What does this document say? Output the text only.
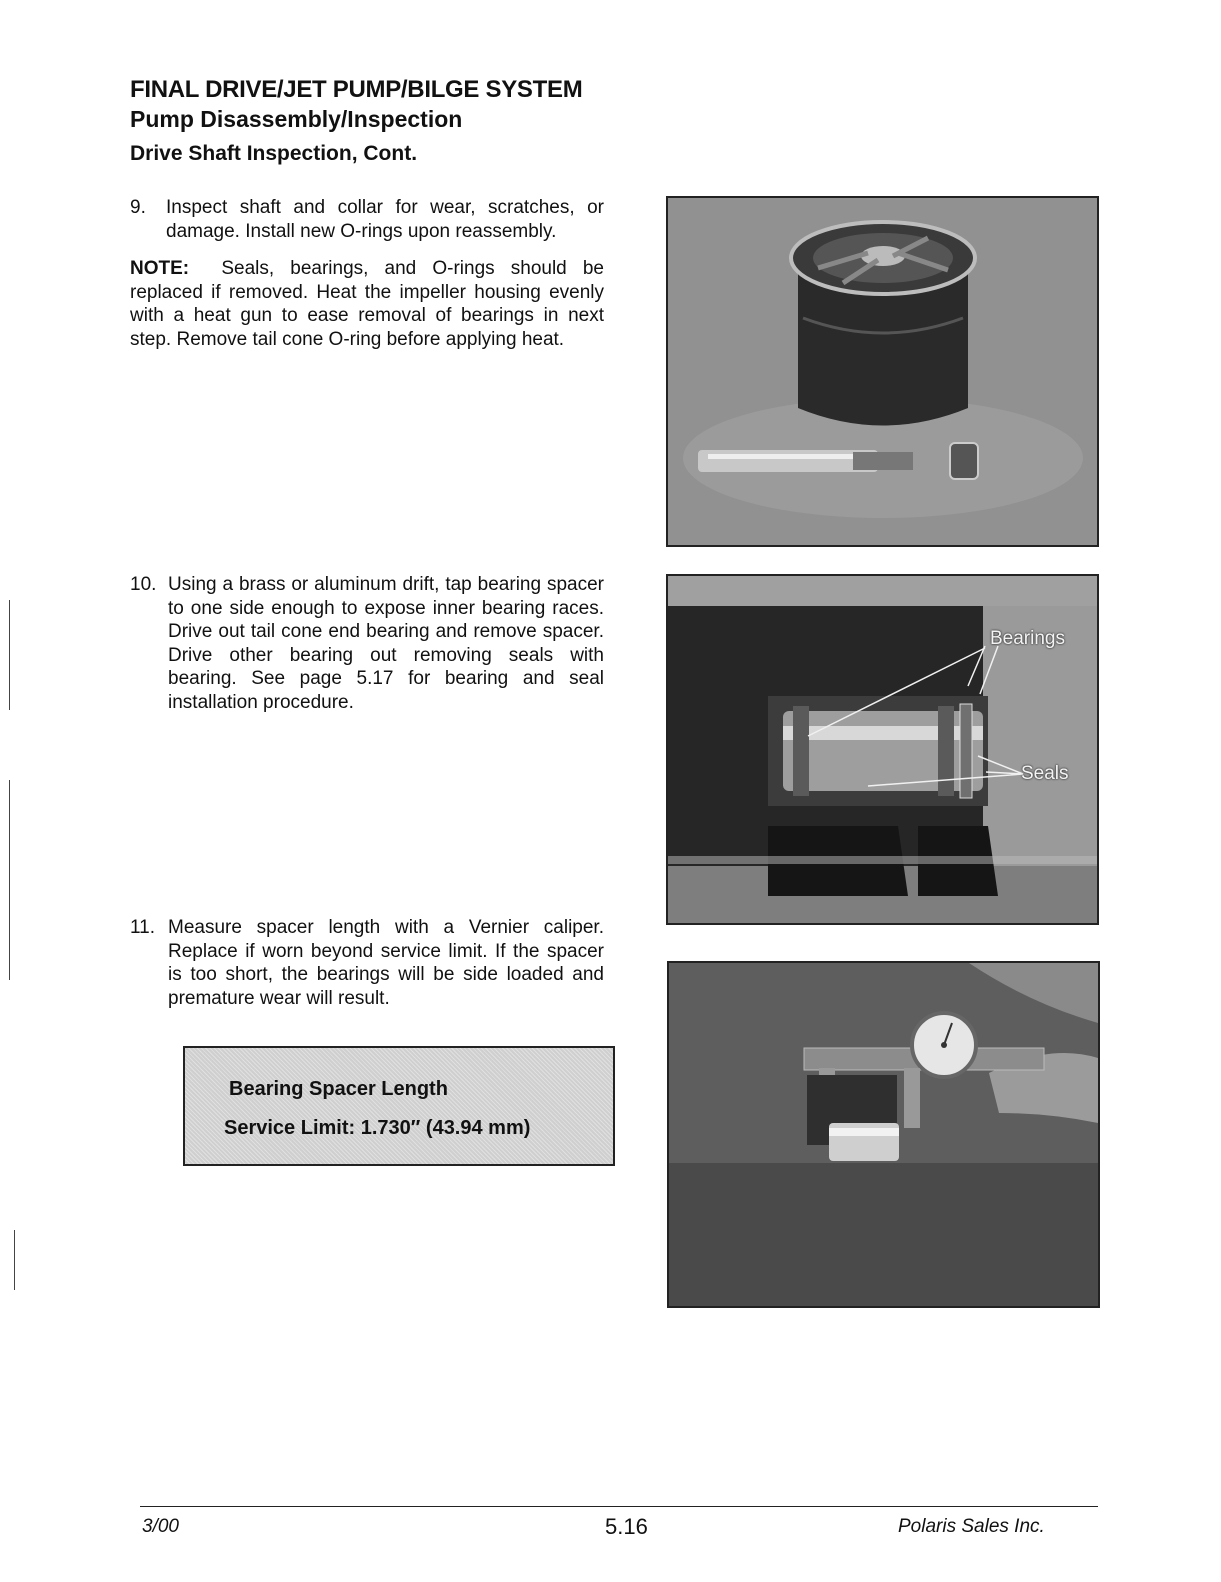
FINAL DRIVE/JET PUMP/BILGE SYSTEM
Pump Disassembly/Inspection
Drive Shaft Inspection, Cont.
9.	Inspect shaft and collar for wear, scratches, or damage. Install new O-rings upon reassembly.
NOTE: Seals, bearings, and O-rings should be replaced if removed. Heat the impeller housing evenly with a heat gun to ease removal of bearings in next step. Remove tail cone O-ring before applying heat.
10. Using a brass or aluminum drift, tap bearing spacer to one side enough to expose inner bearing races. Drive out tail cone end bearing and remove spacer. Drive other bearing out removing seals with bearing. See page 5.17 for bearing and seal installation procedure.
11. Measure spacer length with a Vernier caliper. Replace if worn beyond service limit. If the spacer is too short, the bearings will be side loaded and premature wear will result.
Bearing Spacer Length
Service Limit: 1.730″ (43.94 mm)
Bearings
Seals
3/00	5.16	Polaris Sales Inc.
